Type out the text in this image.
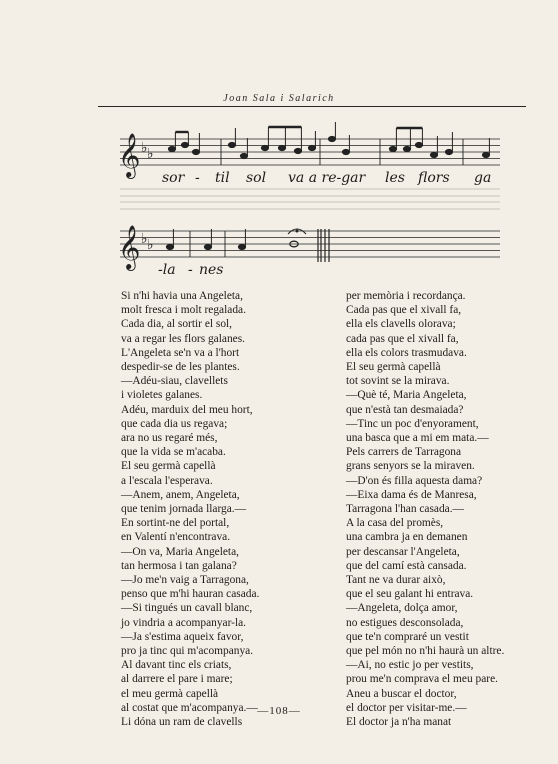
Joan Sala i Salarich
𝄞 ♭ ♭
sor - til sol va a re-gar les flors ga
𝄞 ♭ ♭
-la - nes
Si n'hi havia una Angeleta,
molt fresca i molt regalada.
Cada dia, al sortir el sol,
va a regar les flors galanes.
L'Angeleta se'n va a l'hort
despedir-se de les plantes.
—Adéu-siau, clavellets
i violetes galanes.
Adéu, marduix del meu hort,
que cada dia us regava;
ara no us regaré més,
que la vida se m'acaba.
El seu germà capellà
a l'escala l'esperava.
—Anem, anem, Angeleta,
que tenim jornada llarga.—
En sortint-ne del portal,
en Valentí n'encontrava.
—On va, Maria Angeleta,
tan hermosa i tan galana?
—Jo me'n vaig a Tarragona,
penso que m'hi hauran casada.
—Si tingués un cavall blanc,
jo vindria a acompanyar-la.
—Ja s'estima aqueix favor,
pro ja tinc qui m'acompanya.
Al davant tinc els criats,
al darrere el pare i mare;
el meu germà capellà
al costat que m'acompanya.—
Li dóna un ram de clavells
per memòria i recordança.
Cada pas que el xivall fa,
ella els clavells olorava;
cada pas que el xivall fa,
ella els colors trasmudava.
El seu germà capellà
tot sovint se la mirava.
—Què té, Maria Angeleta,
que n'està tan desmaiada?
—Tinc un poc d'enyorament,
una basca que a mi em mata.—
Pels carrers de Tarragona
grans senyors se la miraven.
—D'on és filla aquesta dama?
—Eixa dama és de Manresa,
Tarragona l'han casada.—
A la casa del promès,
una cambra ja en demanen
per descansar l'Angeleta,
que del camí està cansada.
Tant ne va durar això,
que el seu galant hi entrava.
—Angeleta, dolça amor,
no estigues desconsolada,
que te'n compraré un vestit
que pel món no n'hi haurà un altre.
—Ai, no estic jo per vestits,
prou me'n comprava el meu pare.
Aneu a buscar el doctor,
el doctor per visitar-me.—
El doctor ja n'ha manat
—108—
